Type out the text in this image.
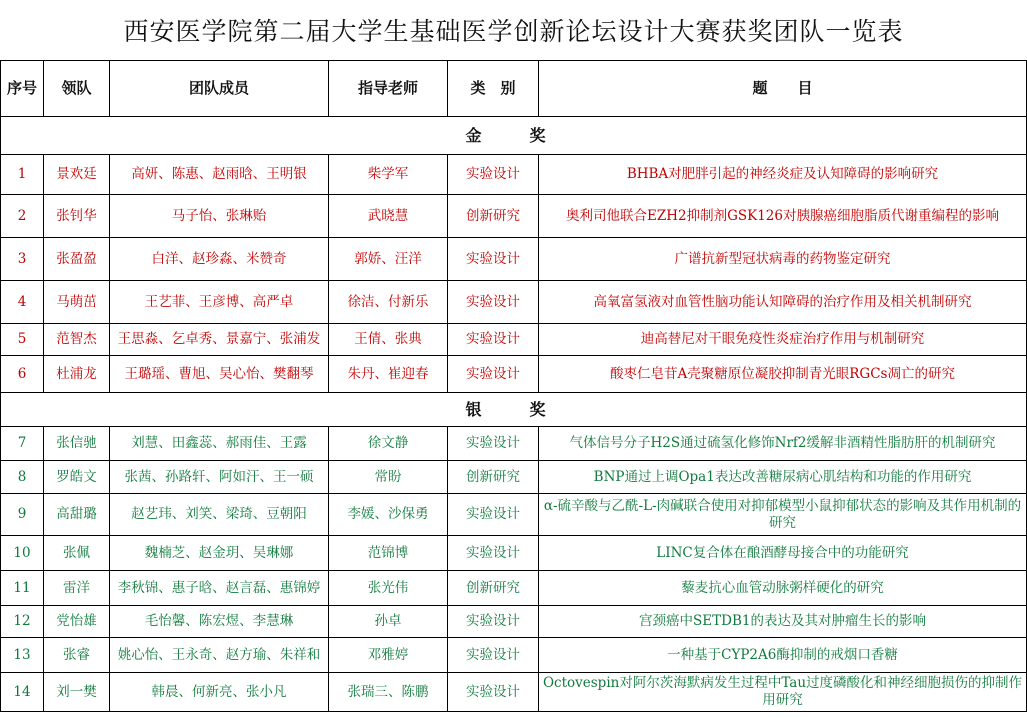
西安医学院第二届大学生基础医学创新论坛设计大赛获奖团队一览表
序号	领队	团队成员	指导老师	类　别	题　　目
金　奖					
1	景欢廷	高妍、陈惠、赵雨晗、王明银	柴学军	实验设计	BHBA对肥胖引起的神经炎症及认知障碍的影响研究
2	张钊华	马子怡、张琳贻	武晓慧	创新研究	奥利司他联合EZH2抑制剂GSK126对胰腺癌细胞脂质代谢重编程的影响
3	张盈盈	白洋、赵珍淼、米赞奇	郭娇、汪洋	实验设计	广谱抗新型冠状病毒的药物鉴定研究
4	马萌茁	王艺菲、王彦博、高严卓	徐洁、付新乐	实验设计	高氧富氢液对血管性脑功能认知障碍的治疗作用及相关机制研究
5	范智杰	王思淼、乞卓秀、景嘉宁、张浦发	王倩、张典	实验设计	迪高替尼对干眼免疫性炎症治疗作用与机制研究
6	杜浦龙	王璐瑶、曹旭、吴心怡、樊翻琴	朱丹、崔迎春	实验设计	酸枣仁皂苷A壳聚糖原位凝胶抑制青光眼RGCs凋亡的研究
银　奖					
7	张信驰	刘慧、田鑫蕊、郝雨佳、王露	徐文静	实验设计	气体信号分子H2S通过硫氢化修饰Nrf2缓解非酒精性脂肪肝的机制研究
8	罗皓文	张茜、孙路轩、阿如汗、王一硕	常盼	创新研究	BNP通过上调Opa1表达改善糖尿病心肌结构和功能的作用研究
9	高甜璐	赵艺玮、刘笑、梁琦、豆朝阳	李媛、沙保勇	实验设计	α-硫辛酸与乙酰-L-肉碱联合使用对抑郁模型小鼠抑郁状态的影响及其作用机制的研究
10	张佩	魏楠芝、赵金玥、吴琳娜	范锦博	实验设计	LINC复合体在酿酒酵母接合中的功能研究
11	雷洋	李秋锦、惠子晗、赵言磊、惠锦婷	张光伟	创新研究	藜麦抗心血管动脉粥样硬化的研究
12	党怡雄	毛怡馨、陈宏煜、李慧琳	孙卓	实验设计	宫颈癌中SETDB1的表达及其对肿瘤生长的影响
13	张睿	姚心怡、王永奇、赵方瑜、朱祥和	邓雅婷	实验设计	一种基于CYP2A6酶抑制的戒烟口香糖
14	刘一樊	韩晨、何新亮、张小凡	张瑞三、陈鹏	实验设计	Octovespin对阿尔茨海默病发生过程中Tau过度磷酸化和神经细胞损伤的抑制作用研究
